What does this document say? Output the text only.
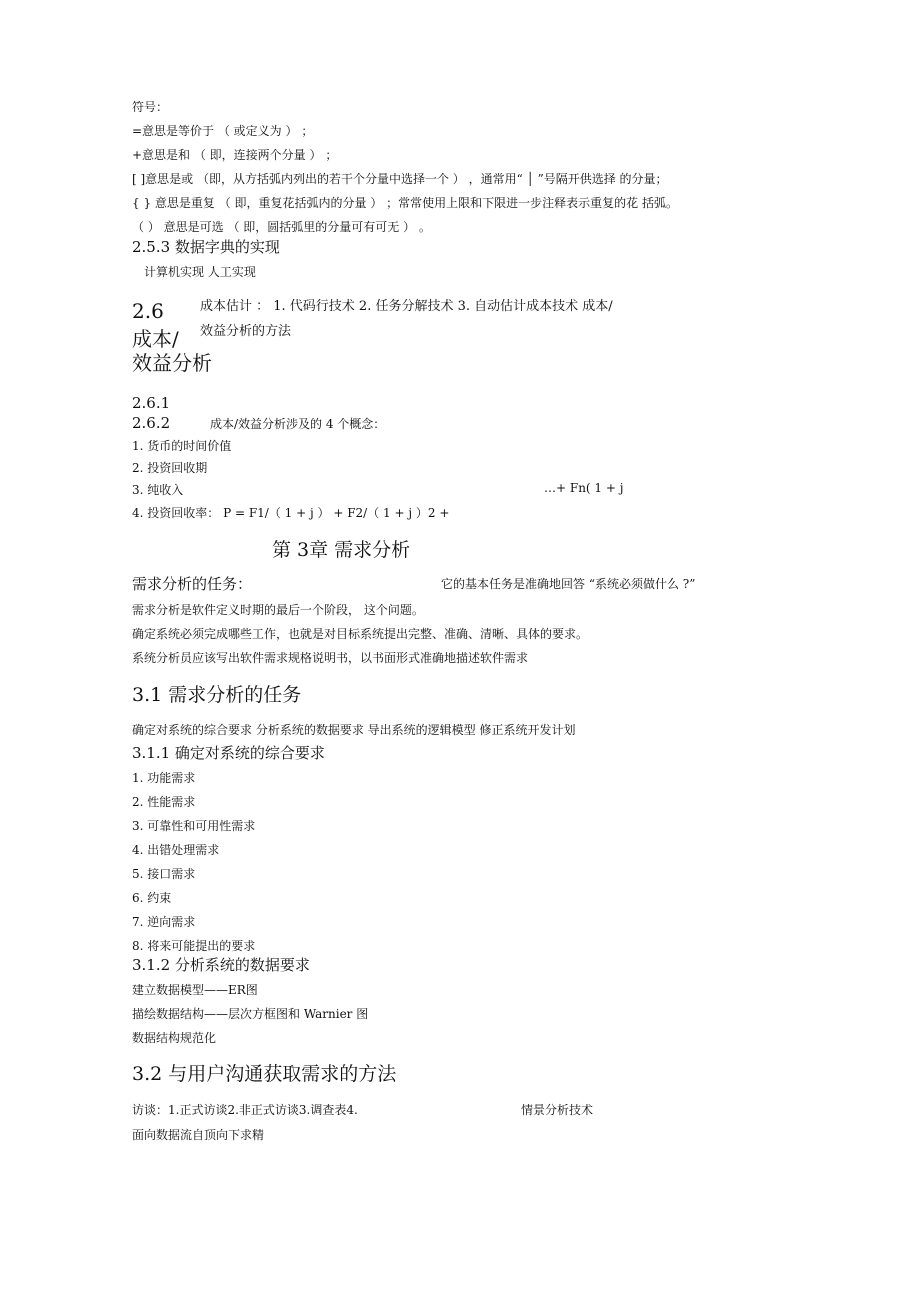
符号：
=意思是等价于 （ 或定义为 ） ；
+意思是和 （ 即，连接两个分量 ） ；
[ ]意思是或 （即，从方括弧内列出的若干个分量中选择一个 ） ，通常用“ │ ”号隔开供选择 的分量；
{ } 意思是重复 （ 即，重复花括弧内的分量 ） ；常常使用上限和下限进一步注释表示重复的花 括弧。
（ ） 意思是可选 （ 即，圆括弧里的分量可有可无 ） 。
2.5.3 数据字典的实现
计算机实现 人工实现
2.6
成本/
效益分析
成本估计 ： 1. 代码行技术 2. 任务分解技术 3. 自动估计成本技术 成本/
效益分析的方法
2.6.1
2.6.2	成本/效益分析涉及的 4 个概念：
1. 货币的时间价值
2. 投资回收期
3. 纯收入
4. 投资回收率： P = F1/（ 1 + j ） + F2/（ 1 + j ）2 +
…+ Fn( 1 + j
第 3章 需求分析
需求分析的任务：	它的基本任务是准确地回答 “系统必须做什么 ?”
需求分析是软件定义时期的最后一个阶段， 这个问题。
确定系统必须完成哪些工作，也就是对目标系统提出完整、准确、清晰、具体的要求。
系统分析员应该写出软件需求规格说明书，以书面形式准确地描述软件需求
3.1 需求分析的任务
确定对系统的综合要求 分析系统的数据要求 导出系统的逻辑模型 修正系统开发计划
3.1.1 确定对系统的综合要求
1. 功能需求
2. 性能需求
3. 可靠性和可用性需求
4. 出错处理需求
5. 接口需求
6. 约束
7. 逆向需求
8. 将来可能提出的要求
3.1.2 分析系统的数据要求
建立数据模型——ER图
描绘数据结构——层次方框图和 Warnier 图
数据结构规范化
3.2 与用户沟通获取需求的方法
访谈：1.正式访谈2.非正式访谈3.调查表4.	情景分析技术
面向数据流自顶向下求精
